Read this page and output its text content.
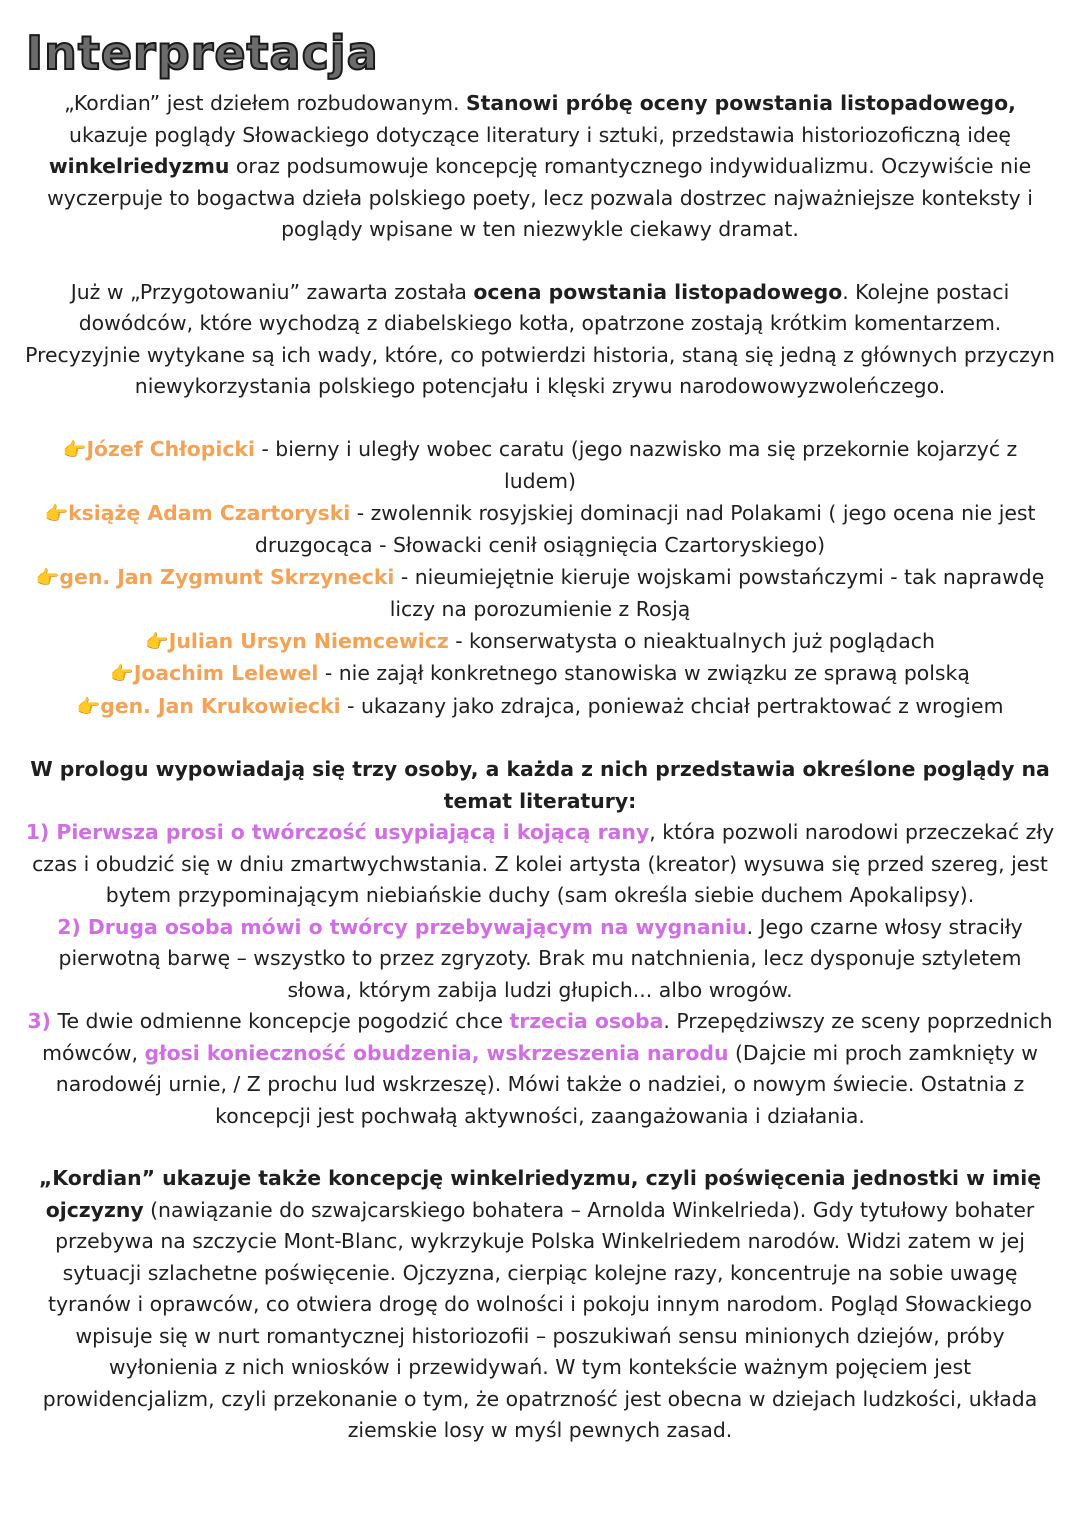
Interpretacja

„Kordian” jest dziełem rozbudowanym. Stanowi próbę oceny powstania listopadowego, ukazuje poglądy Słowackiego dotyczące literatury i sztuki, przedstawia historiozoficzną ideę winkelriedyzmu oraz podsumowuje koncepcję romantycznego indywidualizmu. Oczywiście nie wyczerpuje to bogactwa dzieła polskiego poety, lecz pozwala dostrzec najważniejsze konteksty i poglądy wpisane w ten niezwykle ciekawy dramat.

Już w „Przygotowaniu” zawarta została ocena powstania listopadowego. Kolejne postaci dowódców, które wychodzą z diabelskiego kotła, opatrzone zostają krótkim komentarzem. Precyzyjnie wytykane są ich wady, które, co potwierdzi historia, staną się jedną z głównych przyczyn niewykorzystania polskiego potencjału i klęski zrywu narodowowyzwoleńczego.

👉Józef Chłopicki - bierny i uległy wobec caratu (jego nazwisko ma się przekornie kojarzyć z ludem)

👉książę Adam Czartoryski - zwolennik rosyjskiej dominacji nad Polakami ( jego ocena nie jest druzgocąca - Słowacki cenił osiągnięcia Czartoryskiego)

👉gen. Jan Zygmunt Skrzynecki - nieumiejętnie kieruje wojskami powstańczymi - tak naprawdę liczy na porozumienie z Rosją

👉Julian Ursyn Niemcewicz - konserwatysta o nieaktualnych już poglądach

👉Joachim Lelewel - nie zajął konkretnego stanowiska w związku ze sprawą polską

👉gen. Jan Krukowiecki - ukazany jako zdrajca, ponieważ chciał pertraktować z wrogiem

W prologu wypowiadają się trzy osoby, a każda z nich przedstawia określone poglądy na temat literatury:

1) Pierwsza prosi o twórczość usypiającą i kojącą rany, która pozwoli narodowi przeczekać zły czas i obudzić się w dniu zmartwychwstania. Z kolei artysta (kreator) wysuwa się przed szereg, jest bytem przypominającym niebiańskie duchy (sam określa siebie duchem Apokalipsy).

2) Druga osoba mówi o twórcy przebywającym na wygnaniu. Jego czarne włosy straciły pierwotną barwę – wszystko to przez zgryzoty. Brak mu natchnienia, lecz dysponuje sztyletem słowa, którym zabija ludzi głupich... albo wrogów.

3) Te dwie odmienne koncepcje pogodzić chce trzecia osoba. Przepędziwszy ze sceny poprzednich mówców, głosi konieczność obudzenia, wskrzeszenia narodu (Dajcie mi proch zamknięty w narodowéj urnie, / Z prochu lud wskrzeszę). Mówi także o nadziei, o nowym świecie. Ostatnia z koncepcji jest pochwałą aktywności, zaangażowania i działania.

„Kordian” ukazuje także koncepcję winkelriedyzmu, czyli poświęcenia jednostki w imię ojczyzny (nawiązanie do szwajcarskiego bohatera – Arnolda Winkelrieda). Gdy tytułowy bohater przebywa na szczycie Mont-Blanc, wykrzykuje Polska Winkelriedem narodów. Widzi zatem w jej sytuacji szlachetne poświęcenie. Ojczyzna, cierpiąc kolejne razy, koncentruje na sobie uwagę tyranów i oprawców, co otwiera drogę do wolności i pokoju innym narodom. Pogląd Słowackiego wpisuje się w nurt romantycznej historiozofii – poszukiwań sensu minionych dziejów, próby wyłonienia z nich wniosków i przewidywań. W tym kontekście ważnym pojęciem jest prowidencjalizm, czyli przekonanie o tym, że opatrzność jest obecna w dziejach ludzkości, układa ziemskie losy w myśl pewnych zasad.
